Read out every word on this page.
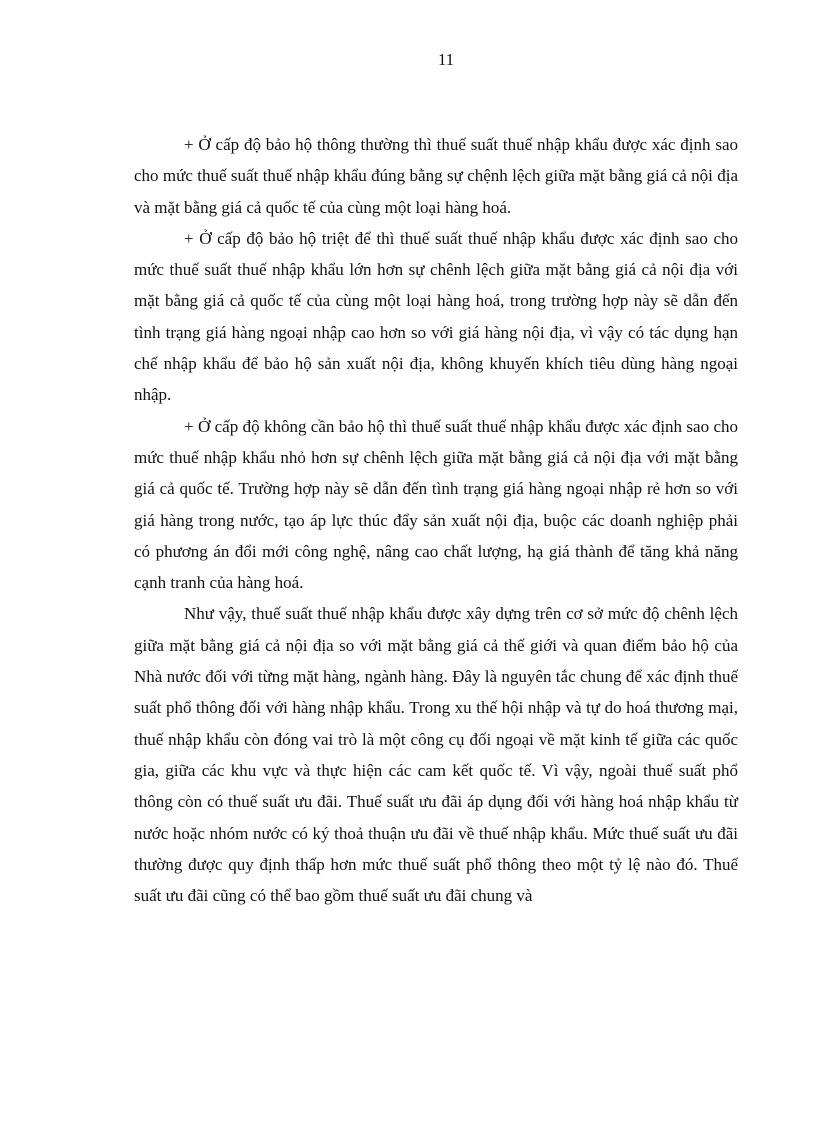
11

+ Ở cấp độ bảo hộ thông thường thì thuế suất thuế nhập khẩu được xác định sao cho mức thuế suất thuế nhập khẩu đúng bằng sự chệnh lệch giữa mặt bằng giá cả nội địa và mặt bằng giá cả quốc tế của cùng một loại hàng hoá.

+ Ở cấp độ bảo hộ triệt để thì thuế suất thuế nhập khẩu được xác định sao cho mức thuế suất thuế nhập khẩu lớn hơn sự chênh lệch giữa mặt bằng giá cả nội địa với mặt bằng giá cả quốc tế của cùng một loại hàng hoá, trong trường hợp này sẽ dẫn đến tình trạng giá hàng ngoại nhập cao hơn so với giá hàng nội địa, vì vậy có tác dụng hạn chế nhập khẩu để bảo hộ sản xuất nội địa, không khuyến khích tiêu dùng hàng ngoại nhập.

+ Ở cấp độ không cần bảo hộ thì thuế suất thuế nhập khẩu được xác định sao cho mức thuế nhập khẩu nhỏ hơn sự chênh lệch giữa mặt bằng giá cả nội địa với mặt bằng giá cả quốc tế. Trường hợp này sẽ dẫn đến tình trạng giá hàng ngoại nhập rẻ hơn so với giá hàng trong nước, tạo áp lực thúc đẩy sản xuất nội địa, buộc các doanh nghiệp phải có phương án đổi mới công nghệ, nâng cao chất lượng, hạ giá thành để tăng khả năng cạnh tranh của hàng hoá.

Như vậy, thuế suất thuế nhập khẩu được xây dựng trên cơ sở mức độ chênh lệch giữa mặt bằng giá cả nội địa so với mặt bằng giá cả thế giới và quan điểm bảo hộ của Nhà nước đối với từng mặt hàng, ngành hàng. Đây là nguyên tắc chung để xác định thuế suất phổ thông đối với hàng nhập khẩu. Trong xu thế hội nhập và tự do hoá thương mại, thuế nhập khẩu còn đóng vai trò là một công cụ đối ngoại về mặt kinh tế giữa các quốc gia, giữa các khu vực và thực hiện các cam kết quốc tế. Vì vậy, ngoài thuế suất phổ thông còn có thuế suất ưu đãi. Thuế suất ưu đãi áp dụng đối với hàng hoá nhập khẩu từ nước hoặc nhóm nước có ký thoả thuận ưu đãi về thuế nhập khẩu. Mức thuế suất ưu đãi thường được quy định thấp hơn mức thuế suất phổ thông theo một tỷ lệ nào đó. Thuế suất ưu đãi cũng có thể bao gồm thuế suất ưu đãi chung và
